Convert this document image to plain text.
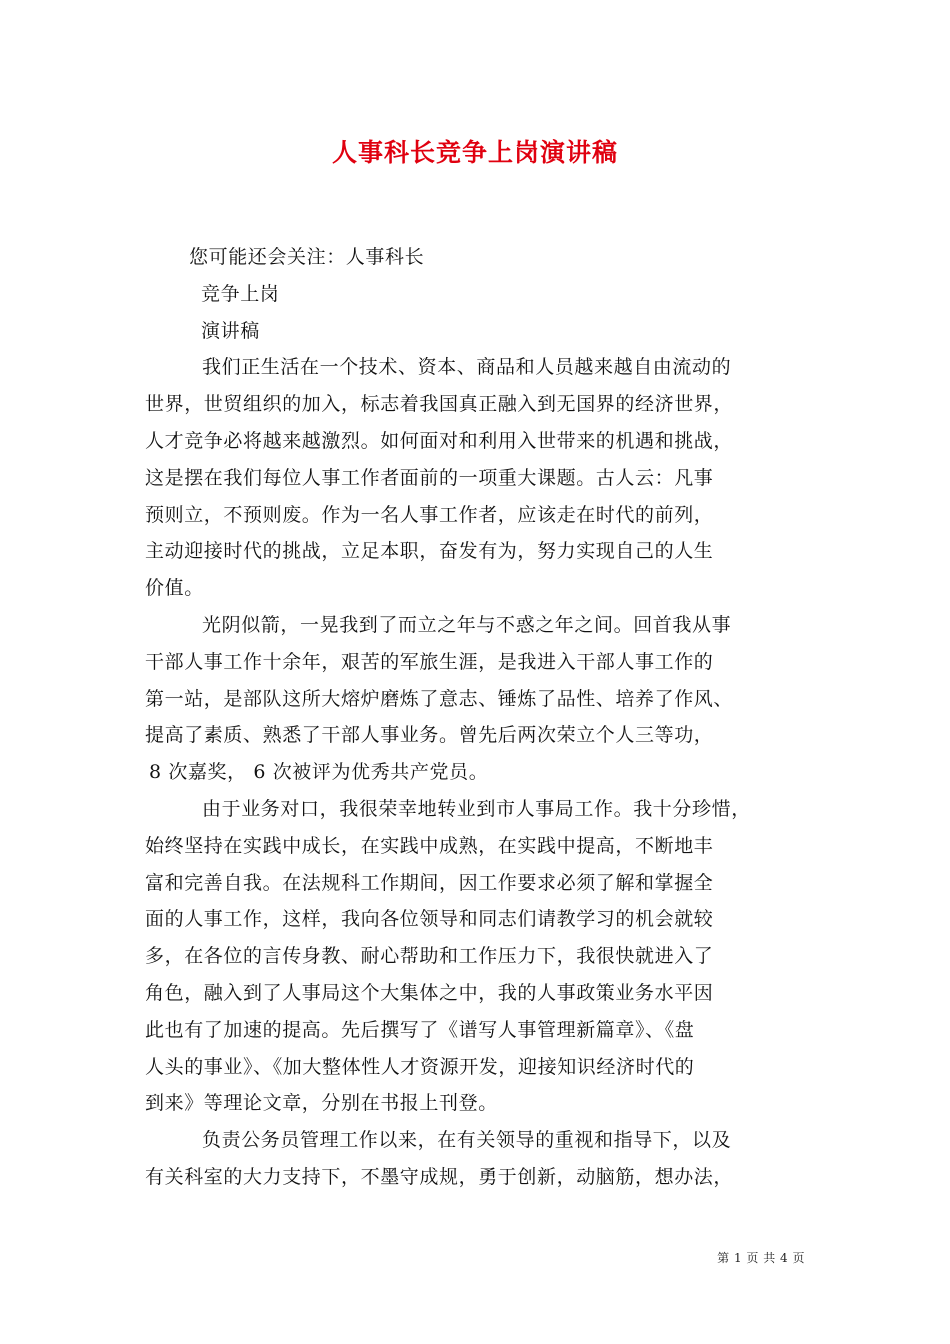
人事科长竞争上岗演讲稿
您可能还会关注：人事科长
竞争上岗
演讲稿
我们正生活在一个技术、资本、商品和人员越来越自由流动的
世界，世贸组织的加入，标志着我国真正融入到无国界的经济世界，
人才竞争必将越来越激烈。如何面对和利用入世带来的机遇和挑战，
这是摆在我们每位人事工作者面前的一项重大课题。古人云：凡事
预则立，不预则废。作为一名人事工作者，应该走在时代的前列，
主动迎接时代的挑战，立足本职，奋发有为，努力实现自己的人生
价值。
光阴似箭，一晃我到了而立之年与不惑之年之间。回首我从事
干部人事工作十余年，艰苦的军旅生涯，是我进入干部人事工作的
第一站，是部队这所大熔炉磨炼了意志、锤炼了品性、培养了作风、
提高了素质、熟悉了干部人事业务。曾先后两次荣立个人三等功，
8 次嘉奖， 6 次被评为优秀共产党员。
由于业务对口，我很荣幸地转业到市人事局工作。我十分珍惜，
始终坚持在实践中成长，在实践中成熟，在实践中提高，不断地丰
富和完善自我。在法规科工作期间，因工作要求必须了解和掌握全
面的人事工作，这样，我向各位领导和同志们请教学习的机会就较
多，在各位的言传身教、耐心帮助和工作压力下，我很快就进入了
角色，融入到了人事局这个大集体之中，我的人事政策业务水平因
此也有了加速的提高。先后撰写了《谱写人事管理新篇章》、《盘
人头的事业》、《加大整体性人才资源开发，迎接知识经济时代的
到来》等理论文章，分别在书报上刊登。
负责公务员管理工作以来，在有关领导的重视和指导下，以及
有关科室的大力支持下，不墨守成规，勇于创新，动脑筋，想办法，
第 1 页 共 4 页
